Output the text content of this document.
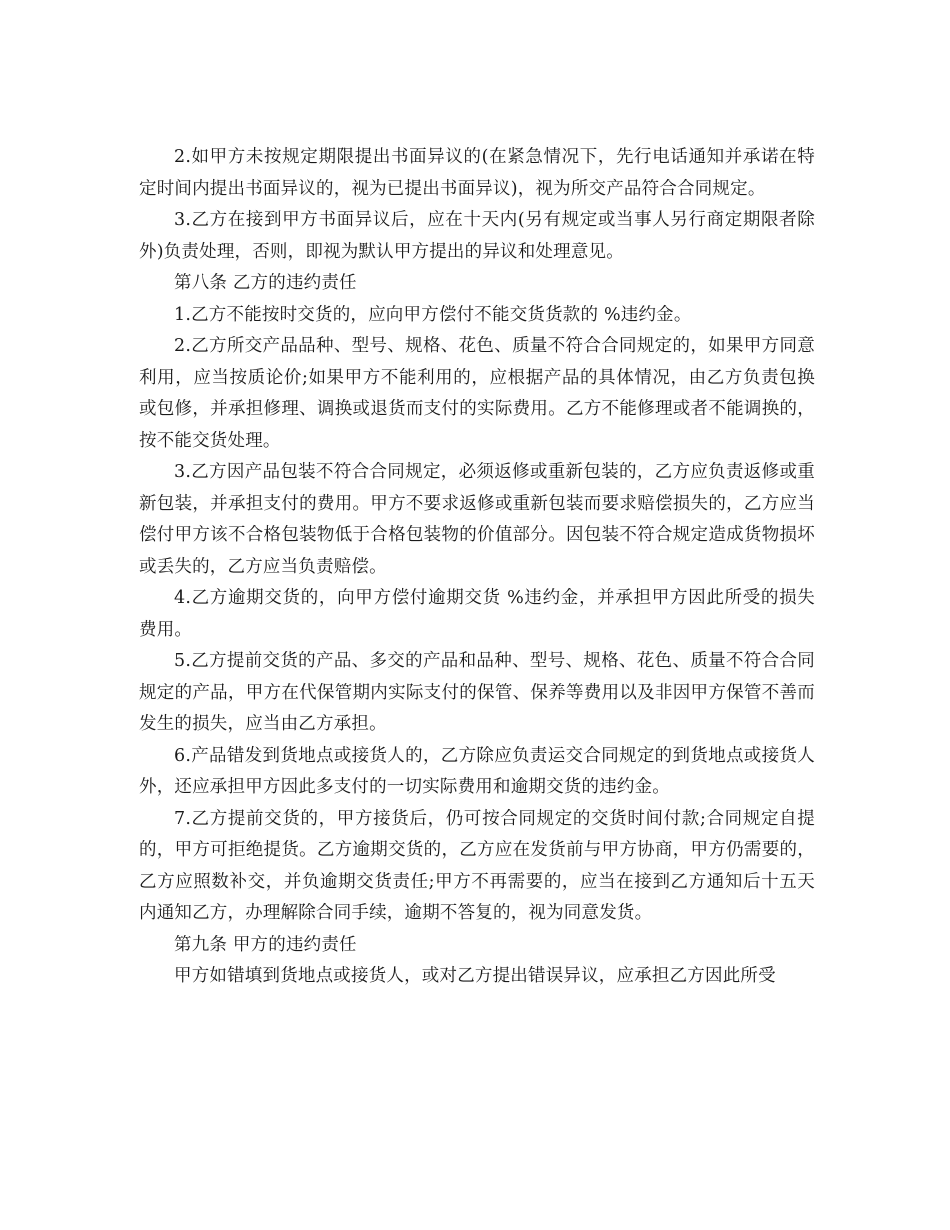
2.如甲方未按规定期限提出书面异议的(在紧急情况下，先行电话通知并承诺在特定时间内提出书面异议的，视为已提出书面异议)，视为所交产品符合合同规定。

3.乙方在接到甲方书面异议后，应在十天内(另有规定或当事人另行商定期限者除外)负责处理，否则，即视为默认甲方提出的异议和处理意见。

第八条 乙方的违约责任

1.乙方不能按时交货的，应向甲方偿付不能交货货款的 %违约金。

2.乙方所交产品品种、型号、规格、花色、质量不符合合同规定的，如果甲方同意利用，应当按质论价;如果甲方不能利用的，应根据产品的具体情况，由乙方负责包换或包修，并承担修理、调换或退货而支付的实际费用。乙方不能修理或者不能调换的，按不能交货处理。

3.乙方因产品包装不符合合同规定，必须返修或重新包装的，乙方应负责返修或重新包装，并承担支付的费用。甲方不要求返修或重新包装而要求赔偿损失的，乙方应当偿付甲方该不合格包装物低于合格包装物的价值部分。因包装不符合规定造成货物损坏或丢失的，乙方应当负责赔偿。

4.乙方逾期交货的，向甲方偿付逾期交货 %违约金，并承担甲方因此所受的损失费用。

5.乙方提前交货的产品、多交的产品和品种、型号、规格、花色、质量不符合合同规定的产品，甲方在代保管期内实际支付的保管、保养等费用以及非因甲方保管不善而发生的损失，应当由乙方承担。

6.产品错发到货地点或接货人的，乙方除应负责运交合同规定的到货地点或接货人外，还应承担甲方因此多支付的一切实际费用和逾期交货的违约金。

7.乙方提前交货的，甲方接货后，仍可按合同规定的交货时间付款;合同规定自提的，甲方可拒绝提货。乙方逾期交货的，乙方应在发货前与甲方协商，甲方仍需要的，乙方应照数补交，并负逾期交货责任;甲方不再需要的，应当在接到乙方通知后十五天内通知乙方，办理解除合同手续，逾期不答复的，视为同意发货。

第九条 甲方的违约责任

甲方如错填到货地点或接货人，或对乙方提出错误异议，应承担乙方因此所受
